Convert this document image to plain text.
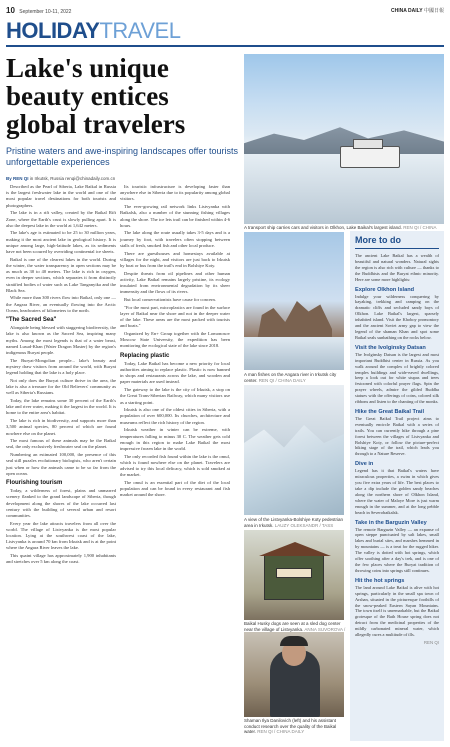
10 September 10-11, 2022	CHINA DAILY 中國日報
HOLIDAYTRAVEL
Lake's unique beauty entices global travelers
Pristine waters and awe-inspiring landscapes offer tourists unforgettable experiences
By REN QI in Irkutsk, Russia renqi@chinadaily.com.cn

Described as the Pearl of Siberia, Lake Baikal in Russia is the largest freshwater lake in the world and one of the most popular travel destinations for both tourists and photographers.

The lake is in a rift valley, created by the Baikal Rift Zone, where the Earth's crust is slowly pulling apart. It is also the deepest lake in the world at 1,642 meters.

The lake's age is estimated to be 25 to 30 million years, making it the most ancient lake in geological history. It is unique among large, high-latitude lakes, as its sediments have not been scoured by overriding continental ice sheets.

Baikal is one of the clearest lakes in the world. During the winter, the water transparency in open sections may be as much as 30 to 40 meters. The lake is rich in oxygen, even in deeper sections, which separates it from distinctly stratified bodies of water such as Lake Tanganyika and the Black Sea.

While more than 300 rivers flow into Baikal, only one — the Angara River, an eventually flowing into the Arctic Ocean, headwaters of kilometers to the north.

"The Sacred Sea"

Alongside being blessed with staggering biodiversity, the lake is also known as the Sacred Sea, inspiring many myths. Among the most legends is that of a water beast, named Lusud-Khan (Water Dragon Master) by the region's indigenous Buryat people.

The Buryat-Mongolian people... lake's beauty and mystery draw visitors from around the world, with Buryat legend holding that the lake is a holy place.

Not only does the Buryat culture thrive in the area, the lake is also a treasure for the Old Believers' community as well as Siberia's Russians.

Today, the lake remains some 30 percent of the Earth's lake and river water, making it the largest in the world. It is home to the entire area's habitat.

The lake is rich in biodiversity, and supports more than 3,500 animal species, 80 percent of which are found nowhere else on the planet.

The most famous of these animals may be the Baikal seal, the only exclusively freshwater seal on the planet.

Numbering an estimated 100,000, the presence of this seal still puzzles evolutionary biologists, who aren't certain just when or how the animals came to be so far from the open ocean.

Flourishing tourism

Today, a wilderness of forest, plains and unmarred scenery flanked to the grand landscape of Siberia, though development along the shores of the lake occurred last century with the building of several urban and resort communities.

Every year the lake attracts travelers from all over the world. The village of Listvyanka is the most popular location. Lying at the southwest coast of the lake, Listvyanka is around 70 km from Irkutsk and is at the point where the Angara River leaves the lake.

This quaint village has approximately 1,900 inhabitants and stretches over 5 km along the coast.

Its touristic infrastructure is developing faster than anywhere else in Siberia due to its popularity among global visitors.

The ever-growing rail network links Listvyanka with Baikalsk, also a number of the stunning fishing villages along the shore. The ice lets trail can be finished within 4-6 hours.

The lake along the route usually takes 3-5 days and is a journey by foot, with travelers often stopping between stalls of fresh, smoked fish and other local produce.

There are guesthouses and homestays available at villages for the night, and visitors are just back to Irkutsk by boat or bus from the trail's end in Bolshiye Koty.

Despite threats from oil pipelines and other human activity, Lake Baikal remains largely pristine, its ecology insulated from environmental degradation by its sheer immensity and the flows of its rivers.

But local conservationists have cause for concern.

"For the most part, microplastics are found in the surface layer of Baikal near the shore and not in the deeper water of the lake. These areas are the most packed with tourists and boats."

Organized by En+ Group together with the Lomonosov Moscow State University, the expedition has been monitoring the ecological state of the lake since 2018.

Replacing plastic

Today, Lake Baikal has become a new priority for local authorities aiming to replace plastic. Plastic is now banned in shops and restaurants across the lake, and wooden and paper materials are used instead.

The gateway to the lake is the city of Irkutsk, a stop on the Great Trans-Siberian Railway, which many visitors use as a starting point.

Irkutsk is also one of the oldest cities in Siberia, with a population of over 600,000. Its churches, architecture and museums reflect the rich history of the region.

Irkutsk weather in winter can be extreme, with temperatures falling to minus 30 C. The weather gets cold enough in this region to make Lake Baikal the most impressive frozen lake in the world.

The only recorded fish found within the lake is the omul, which is found nowhere else on the planet. Travelers are advised to try this local delicacy, which is sold smoked at the market.

The omul is an essential part of the diet of the local population and can be found in every restaurant and fish market around the shore.

A transport ship carries cars and visitors in Olkhon, Lake Baikal's largest island. REN QI / CHINA
A man fishes on the Angara river in Irkutsk city center. REN QI / CHINA DAILY
A view of the Listvyanka-Bolshiye Koty pedestrian area in Irkutsk. LAUZY OLEKSANDR / TASS
Baikal Husky dogs are seen at a sled dog center near the village of Listvyanka. ANNA SUVOROVA /
Shaman Ilya Danilovich (left) and his assistant conduct research over the quality of the Baikal water. REN QI / CHINA DAILY
More to do

The ancient Lake Baikal has a wealth of beautiful and natural wonders. Natural sights the region is also rich with culture — thanks to the Buddhists and the Buryat ethnic minority. Here are some more highlights:

Explore Olkhon Island

Indulge your wilderness conquering by kayaking, trekking and camping on the dramatic cliffs and secluded sandy bays of Olkhon. Lake Baikal's largest, sparsely inhabited island. Visit the Khoboy promontory and the ancient Soviet army gap to view the legend of the shaman Khan and spot some Baikal seals sunbathing on the rocks below.

Visit the Ivolginsky Datsan

The Ivolginsky Datsan is the largest and most important Buddhist center in Russia. As you walk around the complex of brightly colored temples buildings and wide-eaved dwellings, keep a look out for white stupas and trees festooned with colorful prayer flags. Spin the prayer wheels, admire the gilded Buddha statues with the offerings of coins, colored silk ribbons and listen to the chanting of the monks.

Hike the Great Baikal Trail

The Great Baikal Trail project aims to eventually encircle Baikal with a series of trails. You can currently hike through a pine forest between the villages of Listvyanka and Bolshiye Koty, or follow the picture-perfect hiking stage of the trail, which leads you through to a Nature Reserve.

Dive in

Legend has it that Baikal's waters have miraculous properties, a swim in which gives you five extra years of life. The best places to take a dip include the golden sandy beaches along the northern shore of Olkhon Island, where the water of Maloye More is just warm enough in the summer, and at the long pebble beach in Severobaikalsk.

Take in the Barguzin Valley

The remote Barguzin Valley — an expanse of open steppe punctuated by salt lakes, small lakes and burial sites, and marshes hemmed in by mountains — is a treat for the rugged hiker. The valley is dotted with hot springs, which offer soothing after a day's trek, and is one of the few places where the Buryat tradition of throwing coins into springs still continues.

Hit the hot springs

The land around Lake Baikal is alive with hot springs, particularly in the small spa town of Arshan, situated in the picturesque foothills of the snow-peaked Eastern Sayan Mountains. The town itself is unremarkable, but the Baikal grotesque of the Bath House spring does not detract from the medicinal properties of the mildly carbonated mineral water, which allegedly cures a multitude of ills.

REN QI
